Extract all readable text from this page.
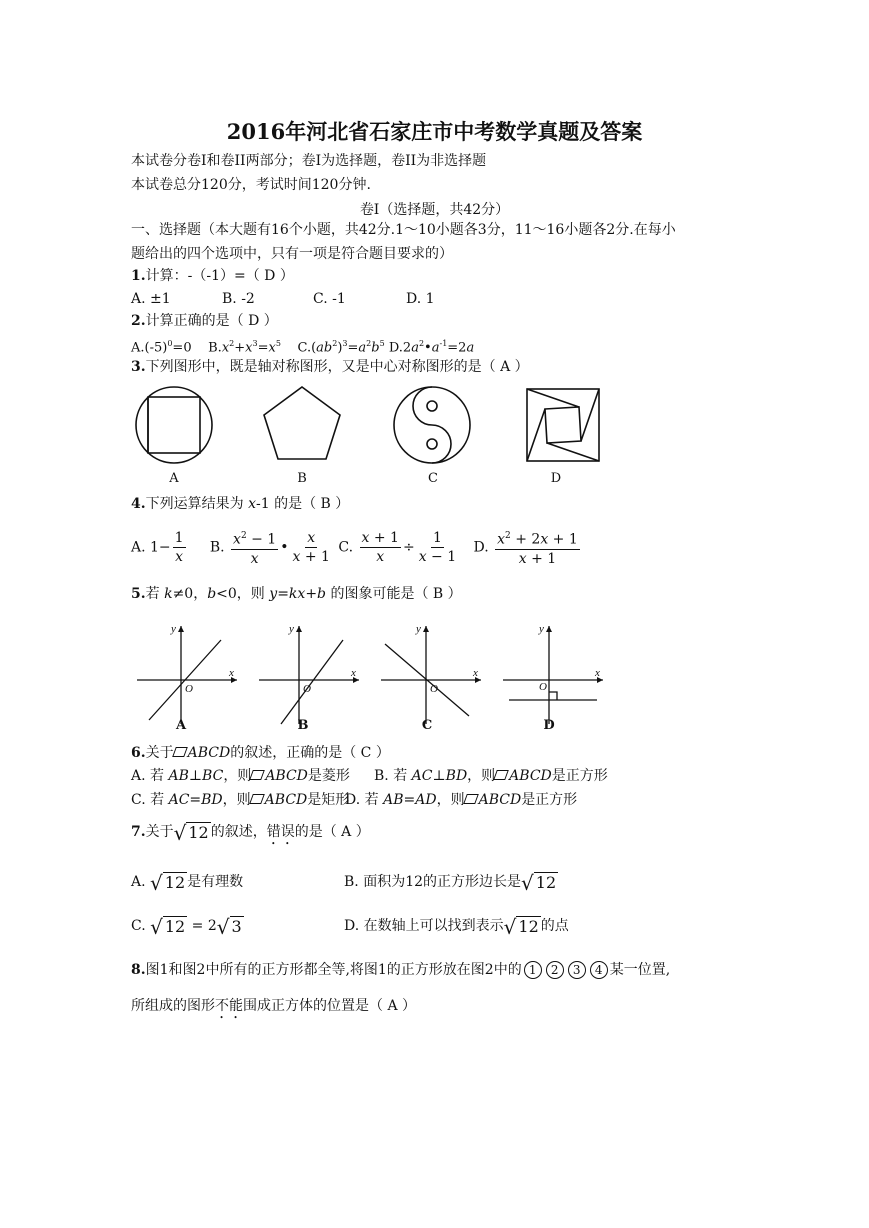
2016年河北省石家庄市中考数学真题及答案
本试卷分卷I和卷II两部分；卷I为选择题，卷II为非选择题
本试卷总分120分，考试时间120分钟.
卷I（选择题，共42分）
一、选择题（本大题有16个小题，共42分.1～10小题各3分，11～16小题各2分.在每小
题给出的四个选项中，只有一项是符合题目要求的）
1.计算：-（-1）=（ D ）
A. ±1	B. -2	C. -1	D. 1
2.计算正确的是（ D ）
$A.(-5)^0=0$    $B.x^2+x^3=x^5$    $C.(ab^2)^3=a^2b^5$ $D.2a^2•a^{-1}=2a$
3.下列图形中，既是轴对称图形，又是中心对称图形的是（ A ）
A	B	C	D
4.下列运算结果为 x-1 的是（ B ）
A. $1- \frac{1}{x} B$. $\frac{x^2 - 1}{x}$ • $\frac{x}{x + 1} C$. $\frac{x + 1}{x} \div \frac{1}{x - 1} D$. $\frac{x^2 + 2x + 1}{x + 1}$
5.若 k≠0，b<0，则 y=kx+b 的图象可能是（ B ）
y
x
O
y
x
O
y
x
O
y
x
O
A	B	C	D
6.关于 ABCD的叙述，正确的是（ C ）
A. 若 AB⊥BC，则 ABCD是菱形 B. 若 AC⊥BD，则 ABCD是正方形
C. 若 AC=BD，则 ABCD是矩形
D. 若 AB=AD，则 ABCD是正方形
7.关于 √ 12 的叙述，错误的是（ A ）
A. √ 12 是有理数	B. 面积为12的正方形边长是 √ 12
C. √ 12 = 2 √ 3	D. 在数轴上可以找到表示 √ 12 的点
8.图1和图2中所有的正方形都全等,将图1的正方形放在图2中的 1 2 3 4 某一位置,
所组成的图形不能围成正方体的位置是（ A ）
